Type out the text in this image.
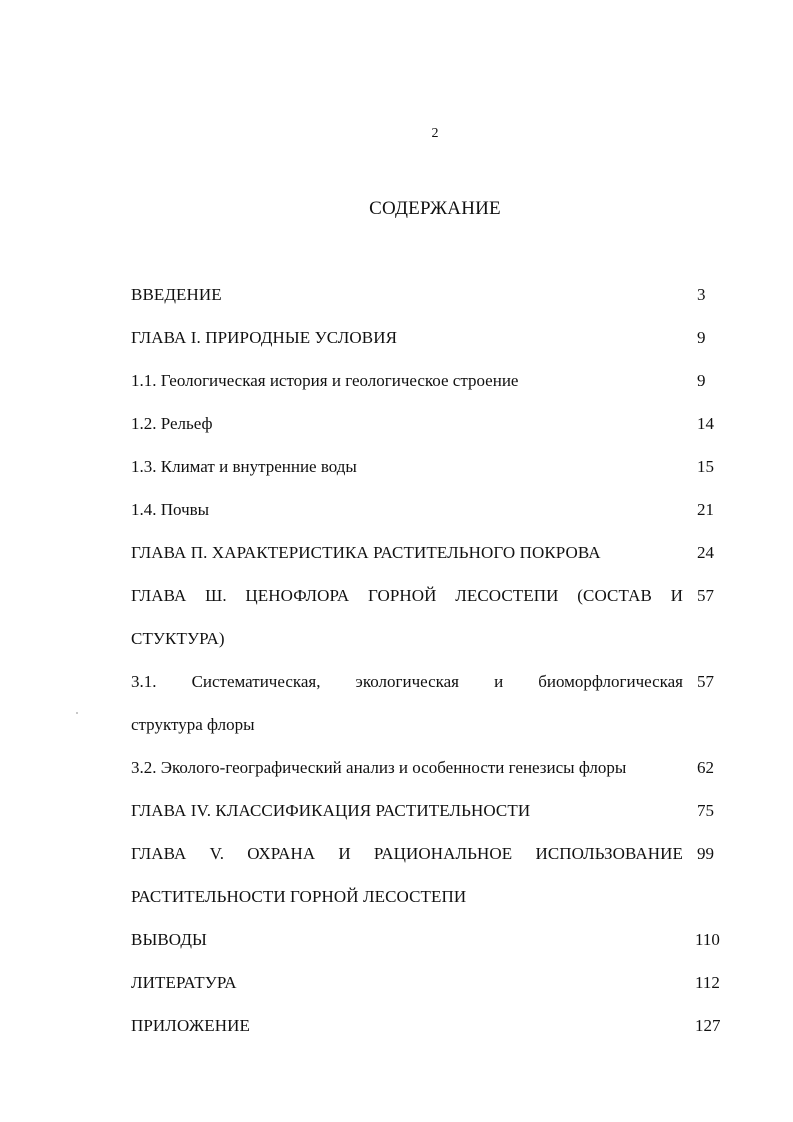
2
СОДЕРЖАНИЕ
ВВЕДЕНИЕ	3
ГЛАВА I. ПРИРОДНЫЕ УСЛОВИЯ	9
1.1. Геологическая история и геологическое строение	9
1.2. Рельеф	14
1.3. Климат и внутренние воды	15
1.4. Почвы	21
ГЛАВА П. ХАРАКТЕРИСТИКА РАСТИТЕЛЬНОГО ПОКРОВА	24
ГЛАВА Ш. ЦЕНОФЛОРА ГОРНОЙ ЛЕСОСТЕПИ (СОСТАВ И 57
СТУКТУРА)
3.1. Систематическая, экологическая и биоморфлогическая 57
структура флоры
3.2. Эколого-географический анализ и особенности генезисы флоры	62
ГЛАВА IV. КЛАССИФИКАЦИЯ РАСТИТЕЛЬНОСТИ	75
ГЛАВА V. ОХРАНА И РАЦИОНАЛЬНОЕ ИСПОЛЬЗОВАНИЕ 99
РАСТИТЕЛЬНОСТИ ГОРНОЙ ЛЕСОСТЕПИ
ВЫВОДЫ	110
ЛИТЕРАТУРА	112
ПРИЛОЖЕНИЕ	127
